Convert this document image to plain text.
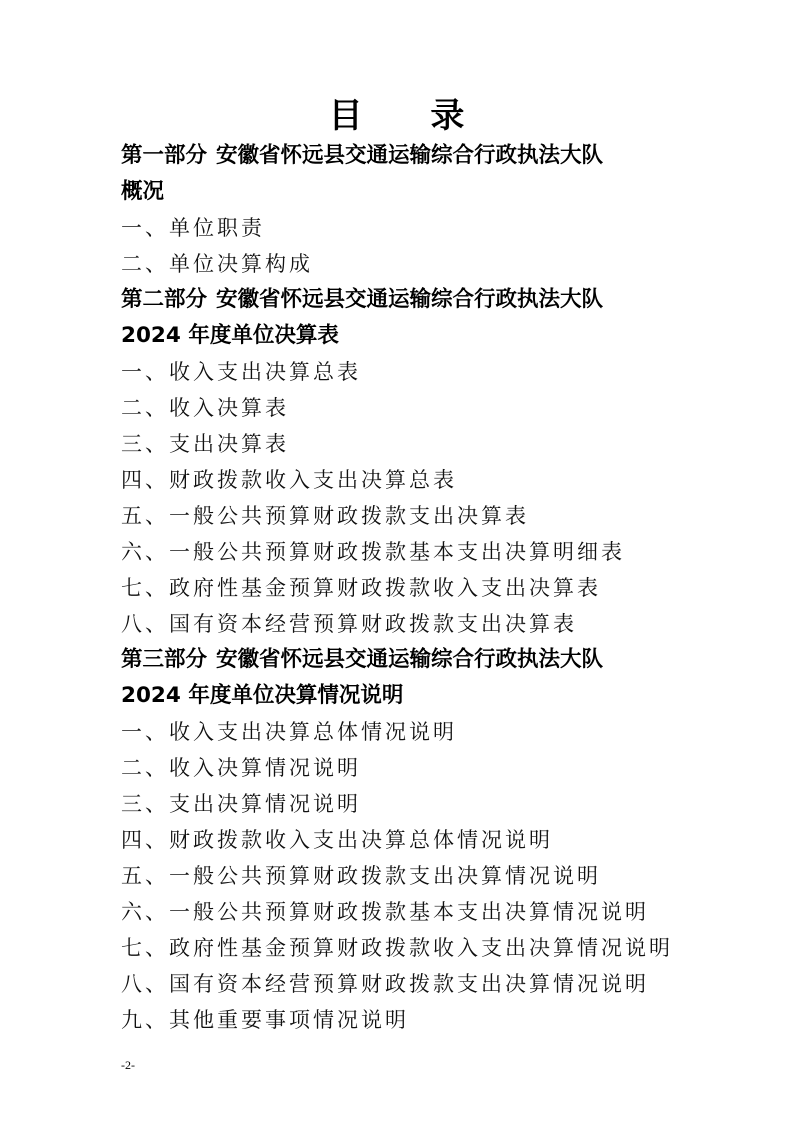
目 录
第一部分 安徽省怀远县交通运输综合行政执法大队
概况
一、单位职责
二、单位决算构成
第二部分 安徽省怀远县交通运输综合行政执法大队
2024 年度单位决算表
一、收入支出决算总表
二、收入决算表
三、支出决算表
四、财政拨款收入支出决算总表
五、一般公共预算财政拨款支出决算表
六、一般公共预算财政拨款基本支出决算明细表
七、政府性基金预算财政拨款收入支出决算表
八、国有资本经营预算财政拨款支出决算表
第三部分 安徽省怀远县交通运输综合行政执法大队
2024 年度单位决算情况说明
一、收入支出决算总体情况说明
二、收入决算情况说明
三、支出决算情况说明
四、财政拨款收入支出决算总体情况说明
五、一般公共预算财政拨款支出决算情况说明
六、一般公共预算财政拨款基本支出决算情况说明
七、政府性基金预算财政拨款收入支出决算情况说明
八、国有资本经营预算财政拨款支出决算情况说明
九、其他重要事项情况说明
-2-
